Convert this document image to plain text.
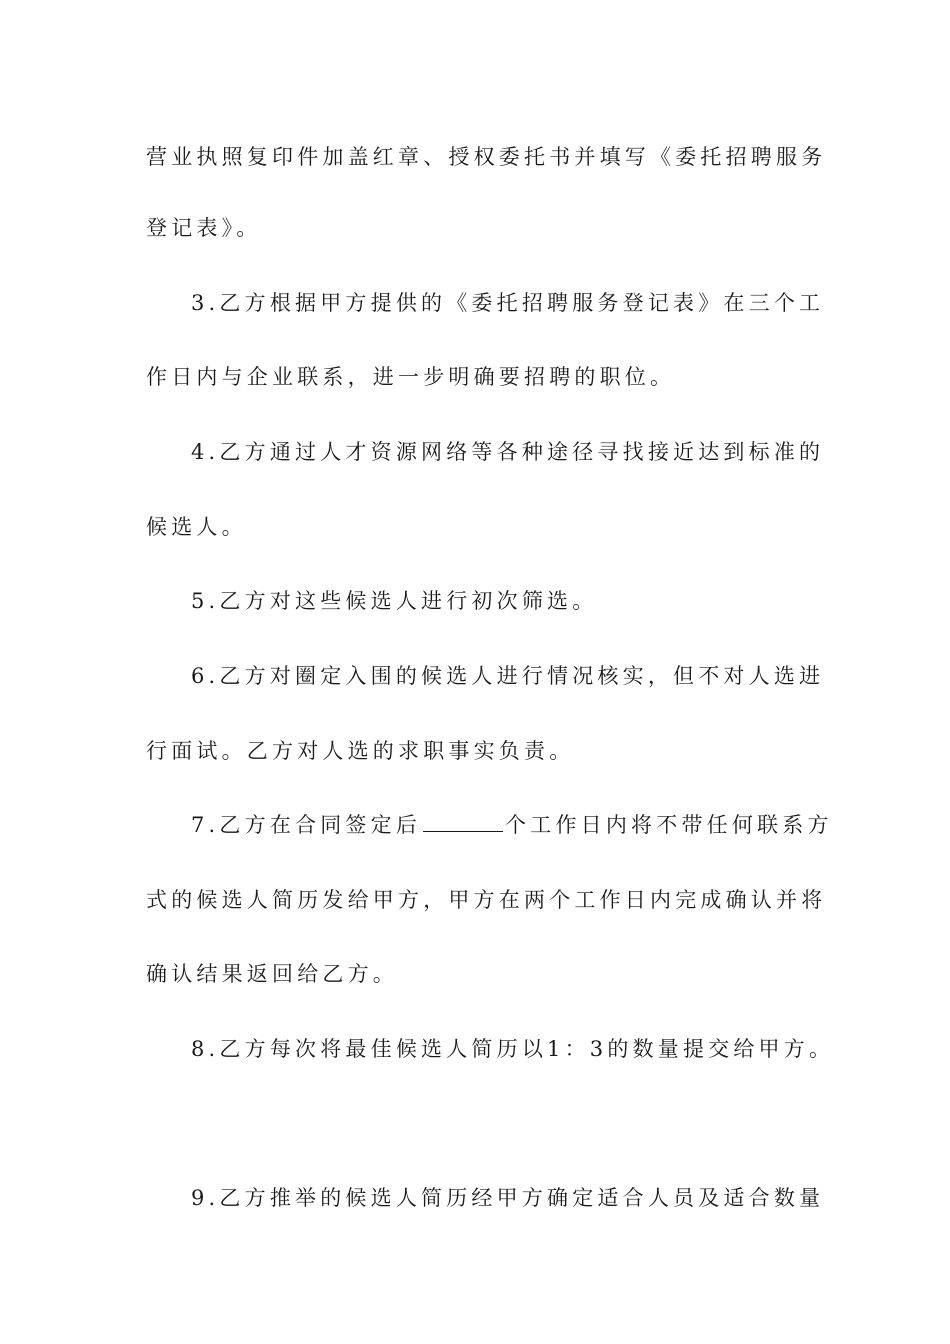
营业执照复印件加盖红章、授权委托书并填写《委托招聘服务
登记表》。
3.乙方根据甲方提供的《委托招聘服务登记表》在三个工
作日内与企业联系，进一步明确要招聘的职位。
4.乙方通过人才资源网络等各种途径寻找接近达到标准的
候选人。
5.乙方对这些候选人进行初次筛选。
6.乙方对圈定入围的候选人进行情况核实，但不对人选进
行面试。乙方对人选的求职事实负责。
7.乙方在合同签定后	个工作日内将不带任何联系方
式的候选人简历发给甲方，甲方在两个工作日内完成确认并将
确认结果返回给乙方。
8.乙方每次将最佳候选人简历以1：3的数量提交给甲方。
9.乙方推举的候选人简历经甲方确定适合人员及适合数量
